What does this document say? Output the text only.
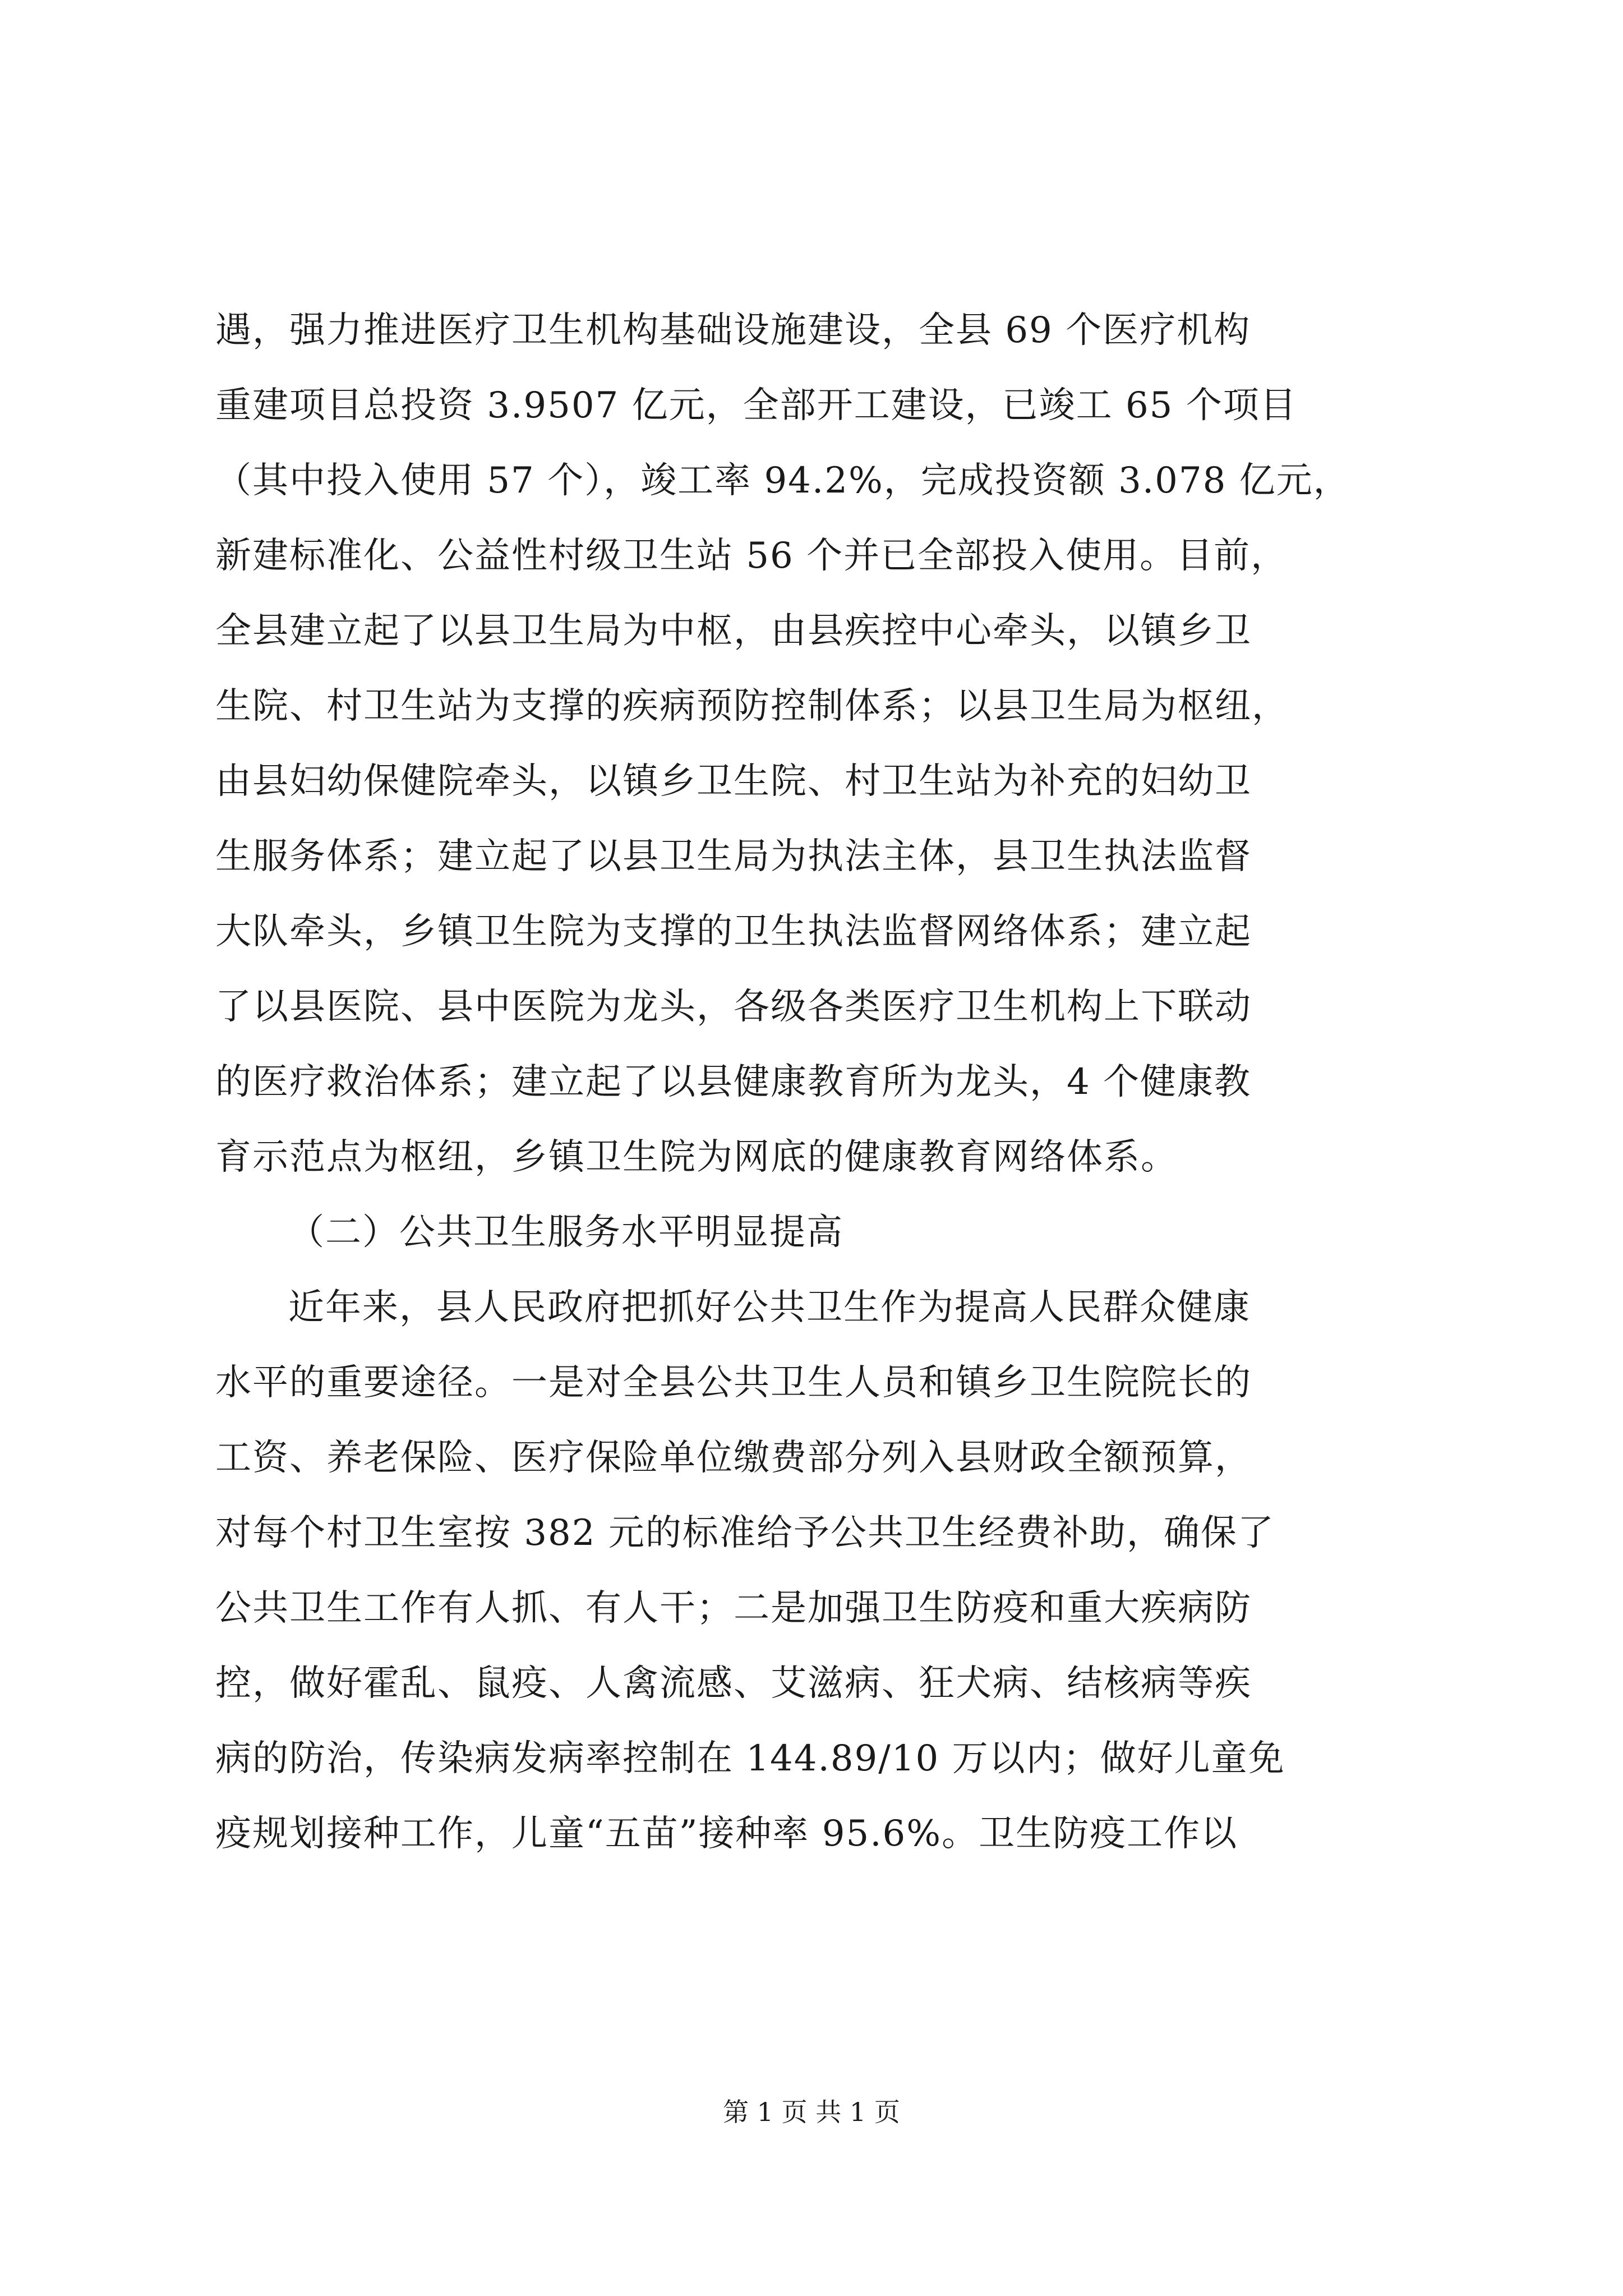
遇，强力推进医疗卫生机构基础设施建设，全县 69 个医疗机构
重建项目总投资 3.9507 亿元，全部开工建设，已竣工 65 个项目
（其中投入使用 57 个），竣工率 94.2%，完成投资额 3.078 亿元，
新建标准化、公益性村级卫生站 56 个并已全部投入使用。目前，
全县建立起了以县卫生局为中枢，由县疾控中心牵头，以镇乡卫
生院、村卫生站为支撑的疾病预防控制体系；以县卫生局为枢纽，
由县妇幼保健院牵头，以镇乡卫生院、村卫生站为补充的妇幼卫
生服务体系；建立起了以县卫生局为执法主体，县卫生执法监督
大队牵头，乡镇卫生院为支撑的卫生执法监督网络体系；建立起
了以县医院、县中医院为龙头，各级各类医疗卫生机构上下联动
的医疗救治体系；建立起了以县健康教育所为龙头，4 个健康教
育示范点为枢纽，乡镇卫生院为网底的健康教育网络体系。
（二）公共卫生服务水平明显提高
近年来，县人民政府把抓好公共卫生作为提高人民群众健康
水平的重要途径。一是对全县公共卫生人员和镇乡卫生院院长的
工资、养老保险、医疗保险单位缴费部分列入县财政全额预算，
对每个村卫生室按 382 元的标准给予公共卫生经费补助，确保了
公共卫生工作有人抓、有人干；二是加强卫生防疫和重大疾病防
控，做好霍乱、鼠疫、人禽流感、艾滋病、狂犬病、结核病等疾
病的防治，传染病发病率控制在 144.89/10 万以内；做好儿童免
疫规划接种工作，儿童“五苗”接种率 95.6%。卫生防疫工作以
第 1 页 共 1 页
